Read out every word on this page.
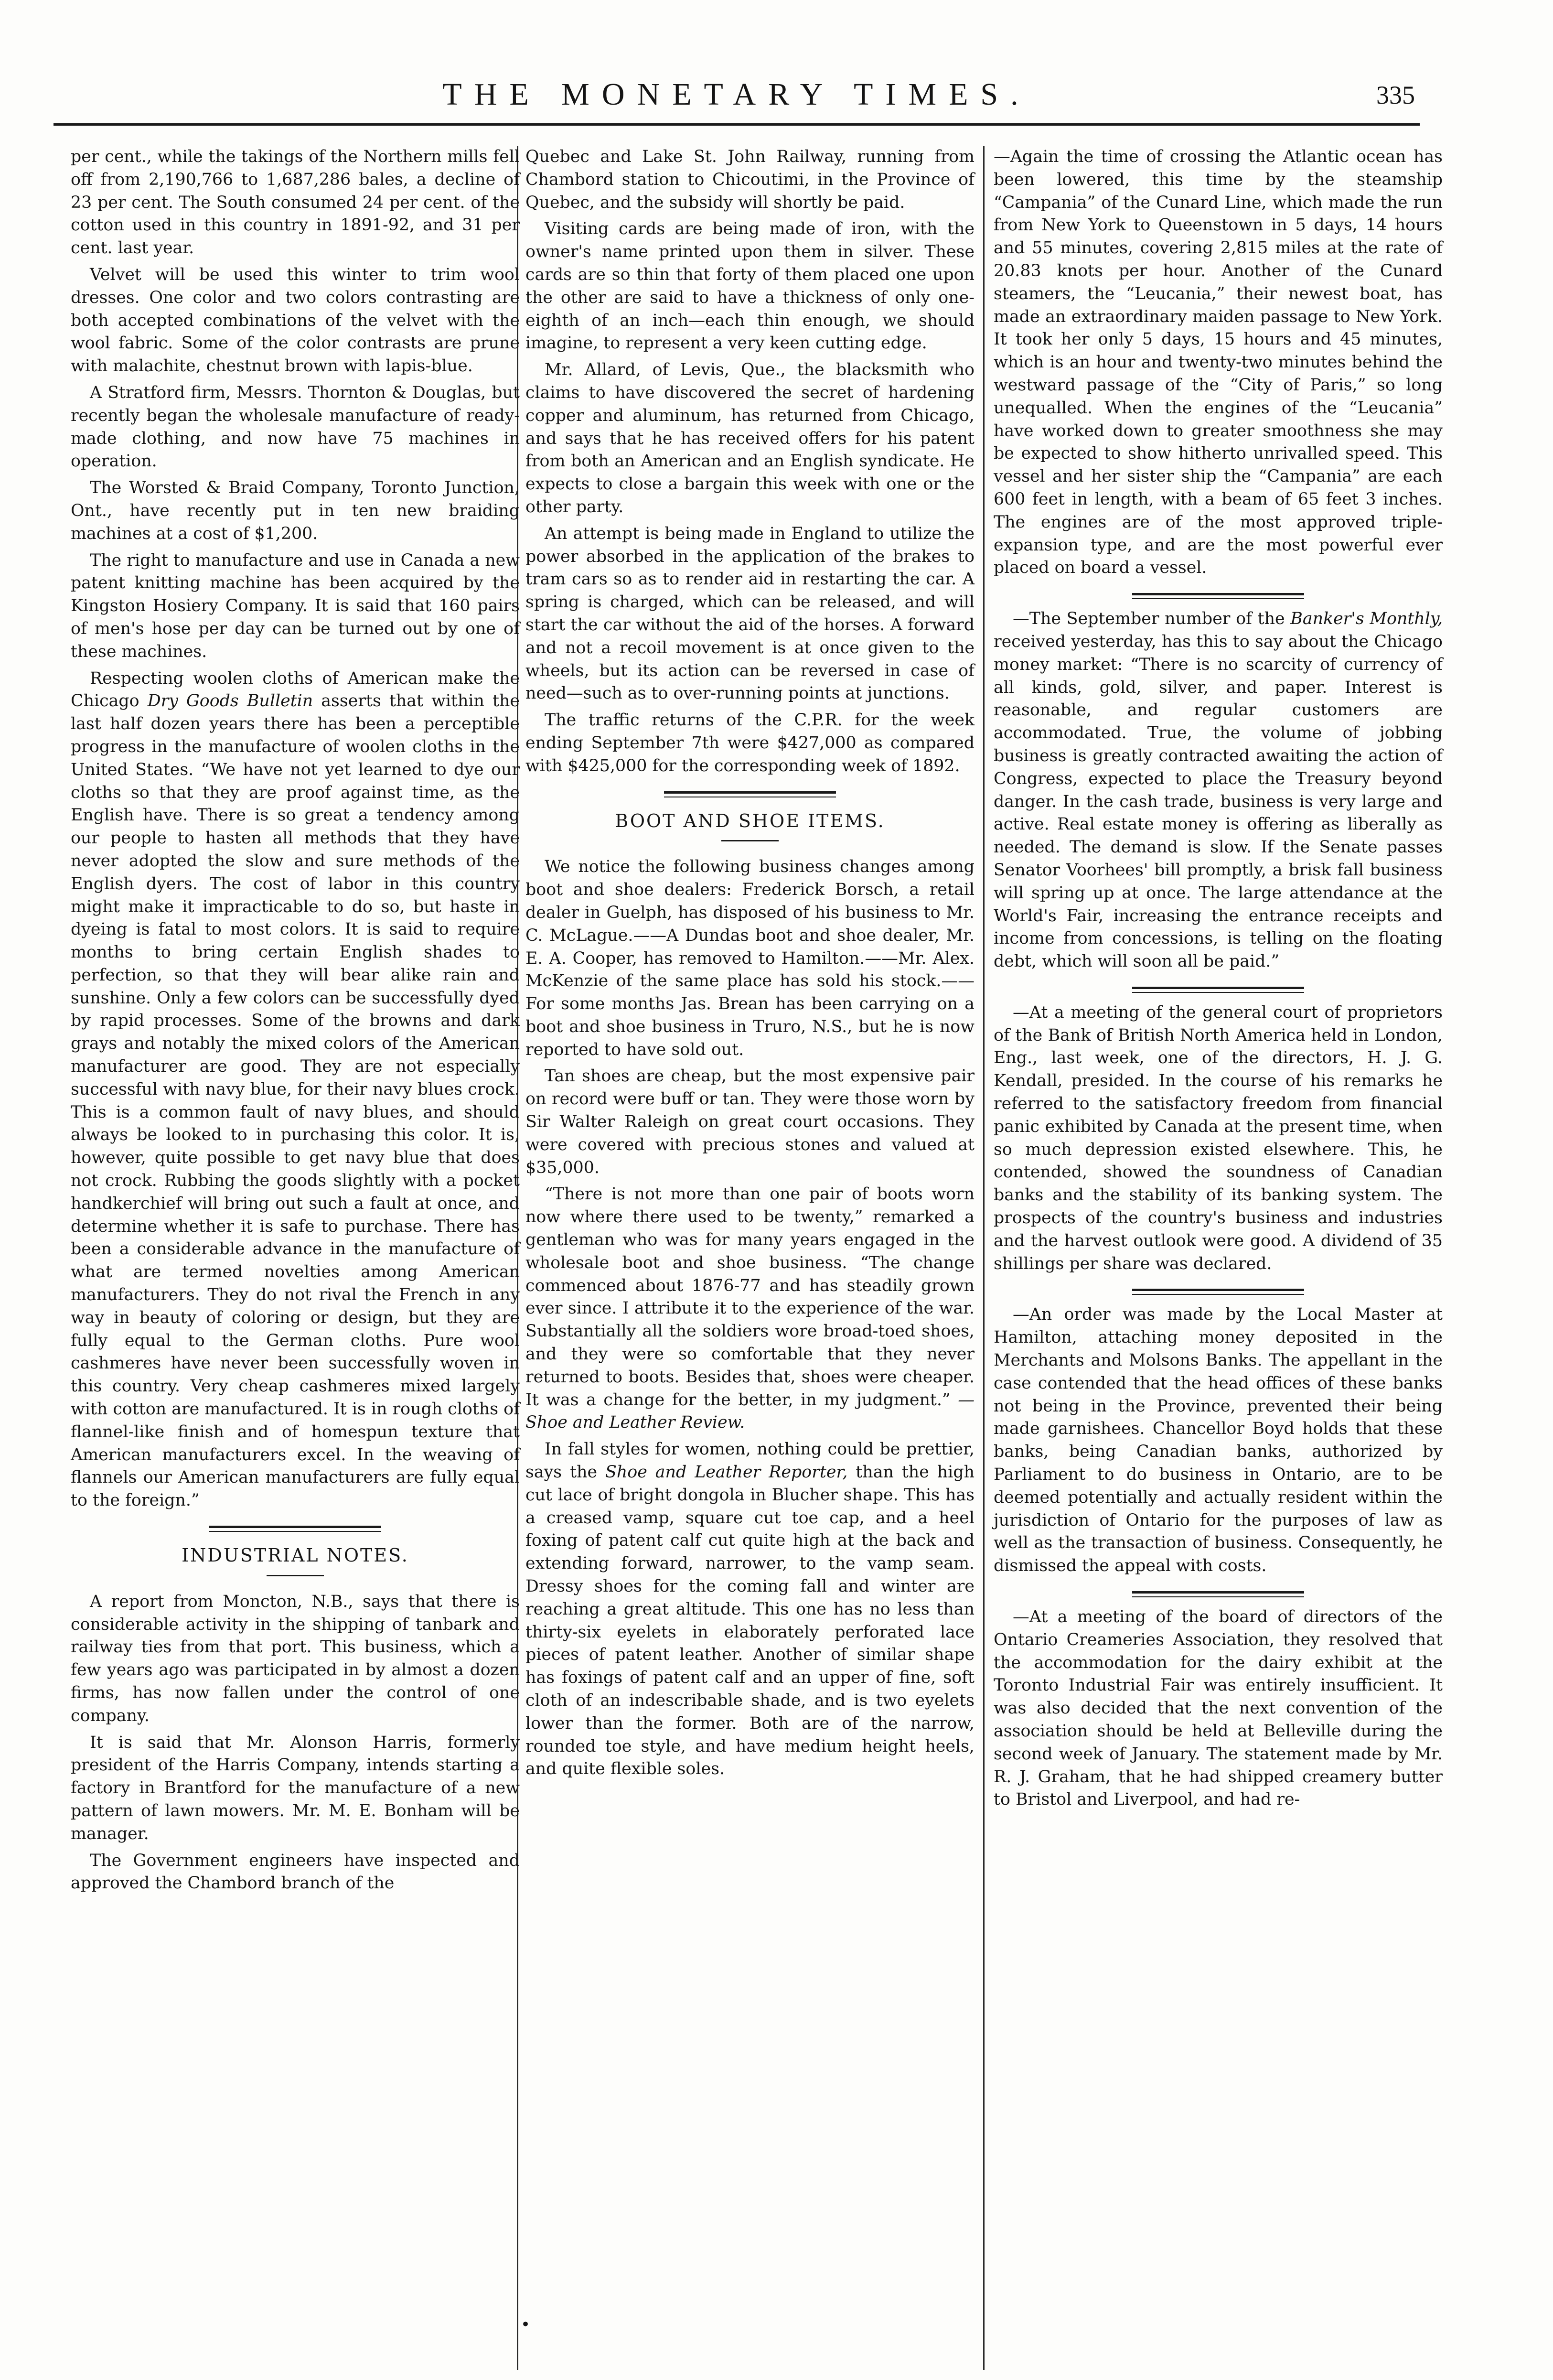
THE MONETARY TIMES.	335

per cent., while the takings of the Northern mills fell off from 2,190,766 to 1,687,286 bales, a decline of 23 per cent. The South consumed 24 per cent. of the cotton used in this country in 1891-92, and 31 per cent. last year.

Velvet will be used this winter to trim wool dresses. One color and two colors contrasting are both accepted combinations of the velvet with the wool fabric. Some of the color contrasts are prune with malachite, chestnut brown with lapis-blue.

A Stratford firm, Messrs. Thornton & Douglas, but recently began the wholesale manufacture of ready-made clothing, and now have 75 machines in operation.

The Worsted & Braid Company, Toronto Junction, Ont., have recently put in ten new braiding machines at a cost of $1,200.

The right to manufacture and use in Canada a new patent knitting machine has been acquired by the Kingston Hosiery Company. It is said that 160 pairs of men's hose per day can be turned out by one of these machines.

Respecting woolen cloths of American make the Chicago Dry Goods Bulletin asserts that within the last half dozen years there has been a perceptible progress in the manufacture of woolen cloths in the United States. “We have not yet learned to dye our cloths so that they are proof against time, as the English have. There is so great a tendency among our people to hasten all methods that they have never adopted the slow and sure methods of the English dyers. The cost of labor in this country might make it impracticable to do so, but haste in dyeing is fatal to most colors. It is said to require months to bring certain English shades to perfection, so that they will bear alike rain and sunshine. Only a few colors can be successfully dyed by rapid processes. Some of the browns and dark grays and notably the mixed colors of the American manufacturer are good. They are not especially successful with navy blue, for their navy blues crock. This is a common fault of navy blues, and should always be looked to in purchasing this color. It is, however, quite possible to get navy blue that does not crock. Rubbing the goods slightly with a pocket handkerchief will bring out such a fault at once, and determine whether it is safe to purchase. There has been a considerable advance in the manufacture of what are termed novelties among American manufacturers. They do not rival the French in any way in beauty of coloring or design, but they are fully equal to the German cloths. Pure wool cashmeres have never been successfully woven in this country. Very cheap cashmeres mixed largely with cotton are manufactured. It is in rough cloths of flannel-like finish and of homespun texture that American manufacturers excel. In the weaving of flannels our American manufacturers are fully equal to the foreign.”

INDUSTRIAL NOTES.

A report from Moncton, N.B., says that there is considerable activity in the shipping of tanbark and railway ties from that port. This business, which a few years ago was participated in by almost a dozen firms, has now fallen under the control of one company.

It is said that Mr. Alonson Harris, formerly president of the Harris Company, intends starting a factory in Brantford for the manufacture of a new pattern of lawn mowers. Mr. M. E. Bonham will be manager.

The Government engineers have inspected and approved the Chambord branch of the

Quebec and Lake St. John Railway, running from Chambord station to Chicoutimi, in the Province of Quebec, and the subsidy will shortly be paid.

Visiting cards are being made of iron, with the owner's name printed upon them in silver. These cards are so thin that forty of them placed one upon the other are said to have a thickness of only one-eighth of an inch—each thin enough, we should imagine, to represent a very keen cutting edge.

Mr. Allard, of Levis, Que., the blacksmith who claims to have discovered the secret of hardening copper and aluminum, has returned from Chicago, and says that he has received offers for his patent from both an American and an English syndicate. He expects to close a bargain this week with one or the other party.

An attempt is being made in England to utilize the power absorbed in the application of the brakes to tram cars so as to render aid in restarting the car. A spring is charged, which can be released, and will start the car without the aid of the horses. A forward and not a recoil movement is at once given to the wheels, but its action can be reversed in case of need—such as to over-running points at junctions.

The traffic returns of the C.P.R. for the week ending September 7th were $427,000 as compared with $425,000 for the corresponding week of 1892.

BOOT AND SHOE ITEMS.

We notice the following business changes among boot and shoe dealers: Frederick Borsch, a retail dealer in Guelph, has disposed of his business to Mr. C. McLague.——A Dundas boot and shoe dealer, Mr. E. A. Cooper, has removed to Hamilton.——Mr. Alex. McKenzie of the same place has sold his stock.——For some months Jas. Brean has been carrying on a boot and shoe business in Truro, N.S., but he is now reported to have sold out.

Tan shoes are cheap, but the most expensive pair on record were buff or tan. They were those worn by Sir Walter Raleigh on great court occasions. They were covered with precious stones and valued at $35,000.

“There is not more than one pair of boots worn now where there used to be twenty,” remarked a gentleman who was for many years engaged in the wholesale boot and shoe business. “The change commenced about 1876-77 and has steadily grown ever since. I attribute it to the experience of the war. Substantially all the soldiers wore broad-toed shoes, and they were so comfortable that they never returned to boots. Besides that, shoes were cheaper. It was a change for the better, in my judgment.” —Shoe and Leather Review.

In fall styles for women, nothing could be prettier, says the Shoe and Leather Reporter, than the high cut lace of bright dongola in Blucher shape. This has a creased vamp, square cut toe cap, and a heel foxing of patent calf cut quite high at the back and extending forward, narrower, to the vamp seam. Dressy shoes for the coming fall and winter are reaching a great altitude. This one has no less than thirty-six eyelets in elaborately perforated lace pieces of patent leather. Another of similar shape has foxings of patent calf and an upper of fine, soft cloth of an indescribable shade, and is two eyelets lower than the former. Both are of the narrow, rounded toe style, and have medium height heels, and quite flexible soles.

—Again the time of crossing the Atlantic ocean has been lowered, this time by the steamship “Campania” of the Cunard Line, which made the run from New York to Queenstown in 5 days, 14 hours and 55 minutes, covering 2,815 miles at the rate of 20.83 knots per hour. Another of the Cunard steamers, the “Leucania,” their newest boat, has made an extraordinary maiden passage to New York. It took her only 5 days, 15 hours and 45 minutes, which is an hour and twenty-two minutes behind the westward passage of the “City of Paris,” so long unequalled. When the engines of the “Leucania” have worked down to greater smoothness she may be expected to show hitherto unrivalled speed. This vessel and her sister ship the “Campania” are each 600 feet in length, with a beam of 65 feet 3 inches. The engines are of the most approved triple-expansion type, and are the most powerful ever placed on board a vessel.

—The September number of the Banker's Monthly, received yesterday, has this to say about the Chicago money market: “There is no scarcity of currency of all kinds, gold, silver, and paper. Interest is reasonable, and regular customers are accommodated. True, the volume of jobbing business is greatly contracted awaiting the action of Congress, expected to place the Treasury beyond danger. In the cash trade, business is very large and active. Real estate money is offering as liberally as needed. The demand is slow. If the Senate passes Senator Voorhees' bill promptly, a brisk fall business will spring up at once. The large attendance at the World's Fair, increasing the entrance receipts and income from concessions, is telling on the floating debt, which will soon all be paid.”

—At a meeting of the general court of proprietors of the Bank of British North America held in London, Eng., last week, one of the directors, H. J. G. Kendall, presided. In the course of his remarks he referred to the satisfactory freedom from financial panic exhibited by Canada at the present time, when so much depression existed elsewhere. This, he contended, showed the soundness of Canadian banks and the stability of its banking system. The prospects of the country's business and industries and the harvest outlook were good. A dividend of 35 shillings per share was declared.

—An order was made by the Local Master at Hamilton, attaching money deposited in the Merchants and Molsons Banks. The appellant in the case contended that the head offices of these banks not being in the Province, prevented their being made garnishees. Chancellor Boyd holds that these banks, being Canadian banks, authorized by Parliament to do business in Ontario, are to be deemed potentially and actually resident within the jurisdiction of Ontario for the purposes of law as well as the transaction of business. Consequently, he dismissed the appeal with costs.

—At a meeting of the board of directors of the Ontario Creameries Association, they resolved that the accommodation for the dairy exhibit at the Toronto Industrial Fair was entirely insufficient. It was also decided that the next convention of the association should be held at Belleville during the second week of January. The statement made by Mr. R. J. Graham, that he had shipped creamery butter to Bristol and Liverpool, and had re-

•
